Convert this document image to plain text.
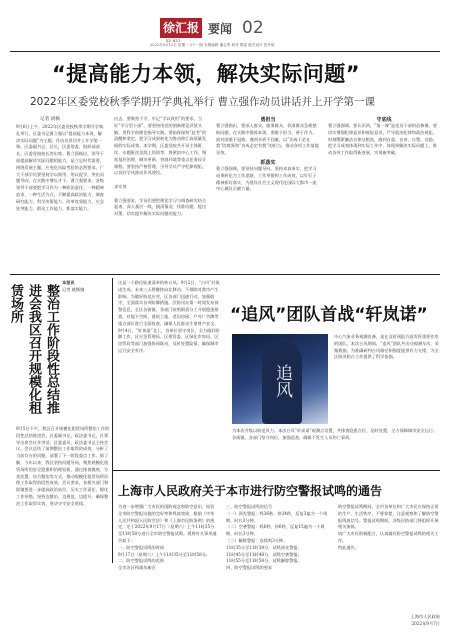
徐汇报
XU HUI
要闻 02
2022年9月12日 星期一 2十一版 本版编辑 潘志军 校对 陈雯 版式设计 贺开斌
“提高能力本领，解决实际问题”
2022年区委党校秋季学期开学典礼举行 曹立强作动员讲话并上开学第一课
记者 胡枫
9月6日上午，2022年区委党校秋季学期开学典礼举行。区委书记曹立强以“提高能力本领，解决实际问题”为主题，作动员讲话并上开学第一课。区委副书记、区长，区委常委、组织部部长、区委党校校长等出席。曹立强指出，领导干部提高解决实际问题的能力，是立足时代需要，围绕发展主题，应变化风险考验的必然要求。广大干部学员要坚持学以致用、用以促学，突出问题导向，在实践中增长才干。曹立强要求，各级领导干部要把学习作为一种政治责任、一种精神追求、一种生活方式，不断提高政治能力、调查研究能力、科学决策能力、改革攻坚能力、应急处突能力、群众工作能力、抓落实能力。
出去，要聚焦于学，牢记“学以致用”的要求，当好“学习型干部”，要坚持用党的创新理论武装头脑，用科学的理论指导实践。要始终保持“赶考”的清醒和坚定，把学习成果转化为推动徐汇高质量发展的实际成效。本学期，区委党校共开设主体班次、专题班次及线上培训等，将紧扣中心工作，聚焦基层治理、城市更新、营商环境等重点任务设计课程。要坚持严格管理，引导学员严守纪律规矩，以良好学风推动作风建设。

求实效

曹立强要求，学员们要把理论学习与调查研究结合起来，深入基层一线，摸清情况、找准问题、提出对策，切实提升解决实际问题的能力。
勇担当
曹立强指出，要深入群众，服务群众，找准群众急难愁盼问题，在实践中锻炼本领。要敢于担当、善于作为，面对困难不退缩，遇到矛盾不回避，以“功成不必在我”的境界和“功成必定有我”的担当，推动各项工作落地见效。
抓落实
曹立强强调，要坚持问题导向，坚持求真务实，把学习成果转化为工作思路、工作举措和工作成效，以钉钉子精神抓好落实，为建设社会主义现代化国际大都市一流中心城区贡献力量。
守底线
曹立强强调，要认识到，“第一课”是党员干部的必修课。要切实增强纪律意识和规矩意识，严守政治纪律和政治规矩，时刻绷紧廉洁自律这根弦，做到自重、自省、自警、自励。把学习成效体现到实际工作中，体现到解决实际问题上，推动各项工作取得新进展、实现新突破。
整治工作阶段性总结推进会我区召开规模化租赁场所
本报讯
记者 姚顺娥
9月5日下午，我区召开规模化租赁场所整治工作阶段性总结推进会。区委副书记、政法委书记，区领导出席会议并讲话。区委委员、政法委书记主持会议。会议总结了前期整治工作取得的成效，分析了当前存在的问题，部署了下一阶段重点工作。据了解，今年以来，我区坚持问题导向，聚焦规模化租赁场所的安全隐患和治理短板，通过排查摸底、分类处置、综合整治等方式，推动规模化租赁场所治理工作取得阶段性成效。会议要求，各相关部门和街镇要进一步提高政治站位，压实工作责任，细化工作举措，坚持边整治、边规范、边提升，确保整治工作取得实效，坚决守牢安全底线。
这是一个路径轨道清单的转台风。9月2日，“台风”轩岚诺生成。未来三天将继续向北移动，不排除对我市产生影响。为做好防范应对，区各部门迅速行动，加强值守，全面落实各项防御措施。区防汛办第一时间发布预警信息，全区各街镇、各部门按照职责分工开展隐患排查，对地下空间、建筑工地、老旧房屋、户外广告牌等重点部位进行全面检查，确保人民群众生命财产安全。
9月4日，“轩岚诺”北上，各单位坚守岗位，全力做好防御工作。区应急管理局、区建管委、区绿化市容局、区房管局等部门加强协同联动，及时处置险情，确保城市运行安全有序。
“追风”团队首战“轩岚诺”
追风
中心气象业务观测设备，是在及时预报方面发挥重要作用的团队。本次台风期间，“追风”团队共出动观测车次，采集数据，为准确研判台风路径和强度提供有力支撑，为全区防汛防台工作提供了科学依据。
为本次升级以防范风力、本次台风“轩岚诺”观测点设置，共排查隐患点位，及时处置，全力保障城市安全运行。各街镇、各部门坚守岗位，加强巡查，确保不发生人员伤亡事故。
上海市人民政府关于本市进行防空警报试鸣的通告
为进一步增强广大市民的国防观念和防空意识，检验全市防空警报设施的完好率和鸣放效果，根据《中华人民共和国人民防空法》和《上海市民防条例》的规定，定于2022年9月17日（星期六）上午11时35分至11时58分进行全市防空警报试鸣。现将有关事项通告如下：
一、防空警报试鸣的时间
9月17日（星期六）上午11时35分至11时58分。
二、防空警报试鸣的范围
全市各区和浦东新区
三、防空警报试鸣的信号
（一）预先警报：鸣36秒，停24秒，反复3遍为一个周期，时长3分钟。
（二）空袭警报：鸣6秒，停6秒，反复15遍为一个周期，时长3分钟。
（三）解除警报：连续鸣3分钟。
11时35分至11时38分，试鸣预先警报；
11时45分至11时48分，试鸣空袭警报；
11时55分至11时58分，试鸣解除警报。
四、防空警报试鸣的要求
防空警报试鸣期间，全市各单位和广大市民应保持正常的生产、生活秩序，不要惊慌，注意观察和了解防空警报鸣放信号。警报试鸣期间，各级民防部门将组织开展相关演练。
请广大市民积极配合，认真做好防空警报试鸣的相关工作。
特此通告。
上海市人民政府
2022年9月7日
